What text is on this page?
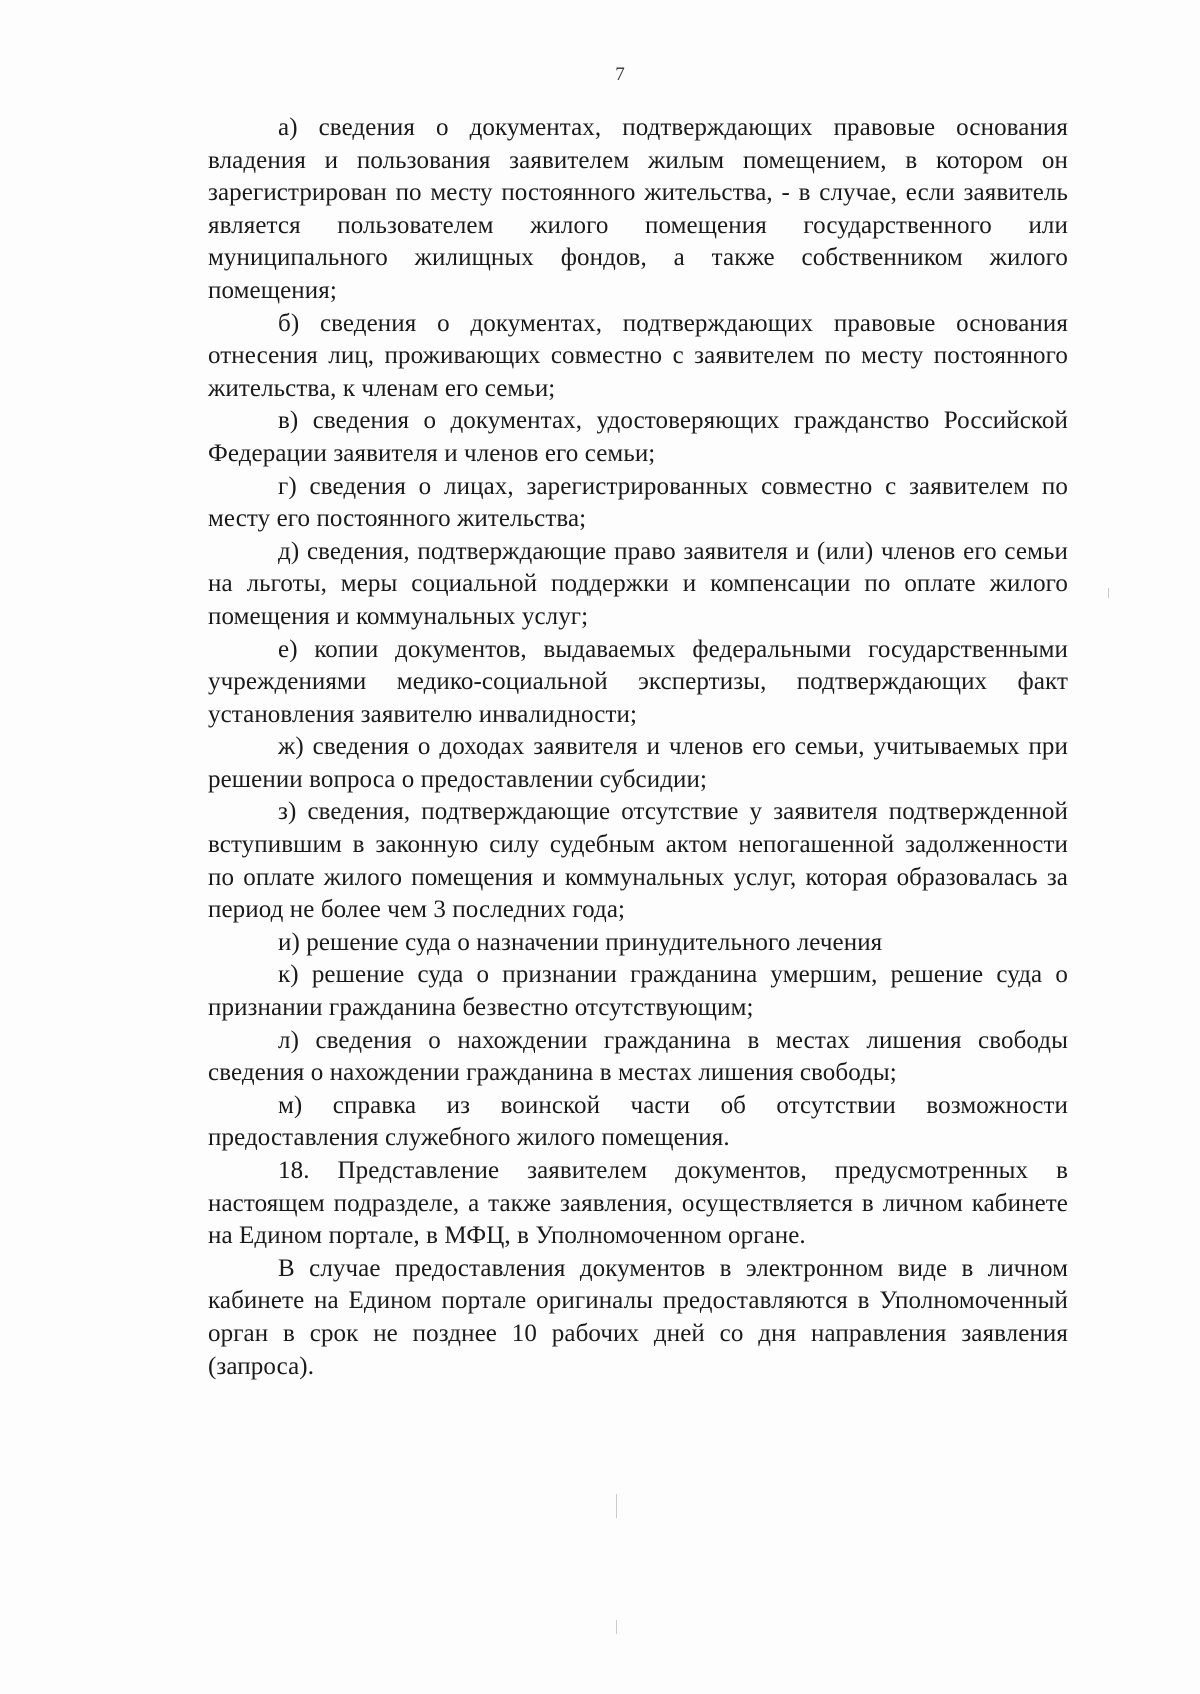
7

а) сведения о документах, подтверждающих правовые основания владения и пользования заявителем жилым помещением, в котором он зарегистрирован по месту постоянного жительства, - в случае, если заявитель является пользователем жилого помещения государственного или муниципального жилищных фондов, а также собственником жилого помещения;

б) сведения о документах, подтверждающих правовые основания отнесения лиц, проживающих совместно с заявителем по месту постоянного жительства, к членам его семьи;

в) сведения о документах, удостоверяющих гражданство Российской Федерации заявителя и членов его семьи;

г) сведения о лицах, зарегистрированных совместно с заявителем по месту его постоянного жительства;

д) сведения, подтверждающие право заявителя и (или) членов его семьи на льготы, меры социальной поддержки и компенсации по оплате жилого помещения и коммунальных услуг;

е) копии документов, выдаваемых федеральными государственными учреждениями медико-социальной экспертизы, подтверждающих факт установления заявителю инвалидности;

ж) сведения о доходах заявителя и членов его семьи, учитываемых при решении вопроса о предоставлении субсидии;

з) сведения, подтверждающие отсутствие у заявителя подтвержденной вступившим в законную силу судебным актом непогашенной задолженности по оплате жилого помещения и коммунальных услуг, которая образовалась за период не более чем 3 последних года;

и) решение суда о назначении принудительного лечения

к) решение суда о признании гражданина умершим, решение суда о признании гражданина безвестно отсутствующим;

л) сведения о нахождении гражданина в местах лишения свободы сведения о нахождении гражданина в местах лишения свободы;

м) справка из воинской части об отсутствии возможности предоставления служебного жилого помещения.

18. Представление заявителем документов, предусмотренных в настоящем подразделе, а также заявления, осуществляется в личном кабинете на Едином портале, в МФЦ, в Уполномоченном органе.

В случае предоставления документов в электронном виде в личном кабинете на Едином портале оригиналы предоставляются в Уполномоченный орган в срок не позднее 10 рабочих дней со дня направления заявления (запроса).
